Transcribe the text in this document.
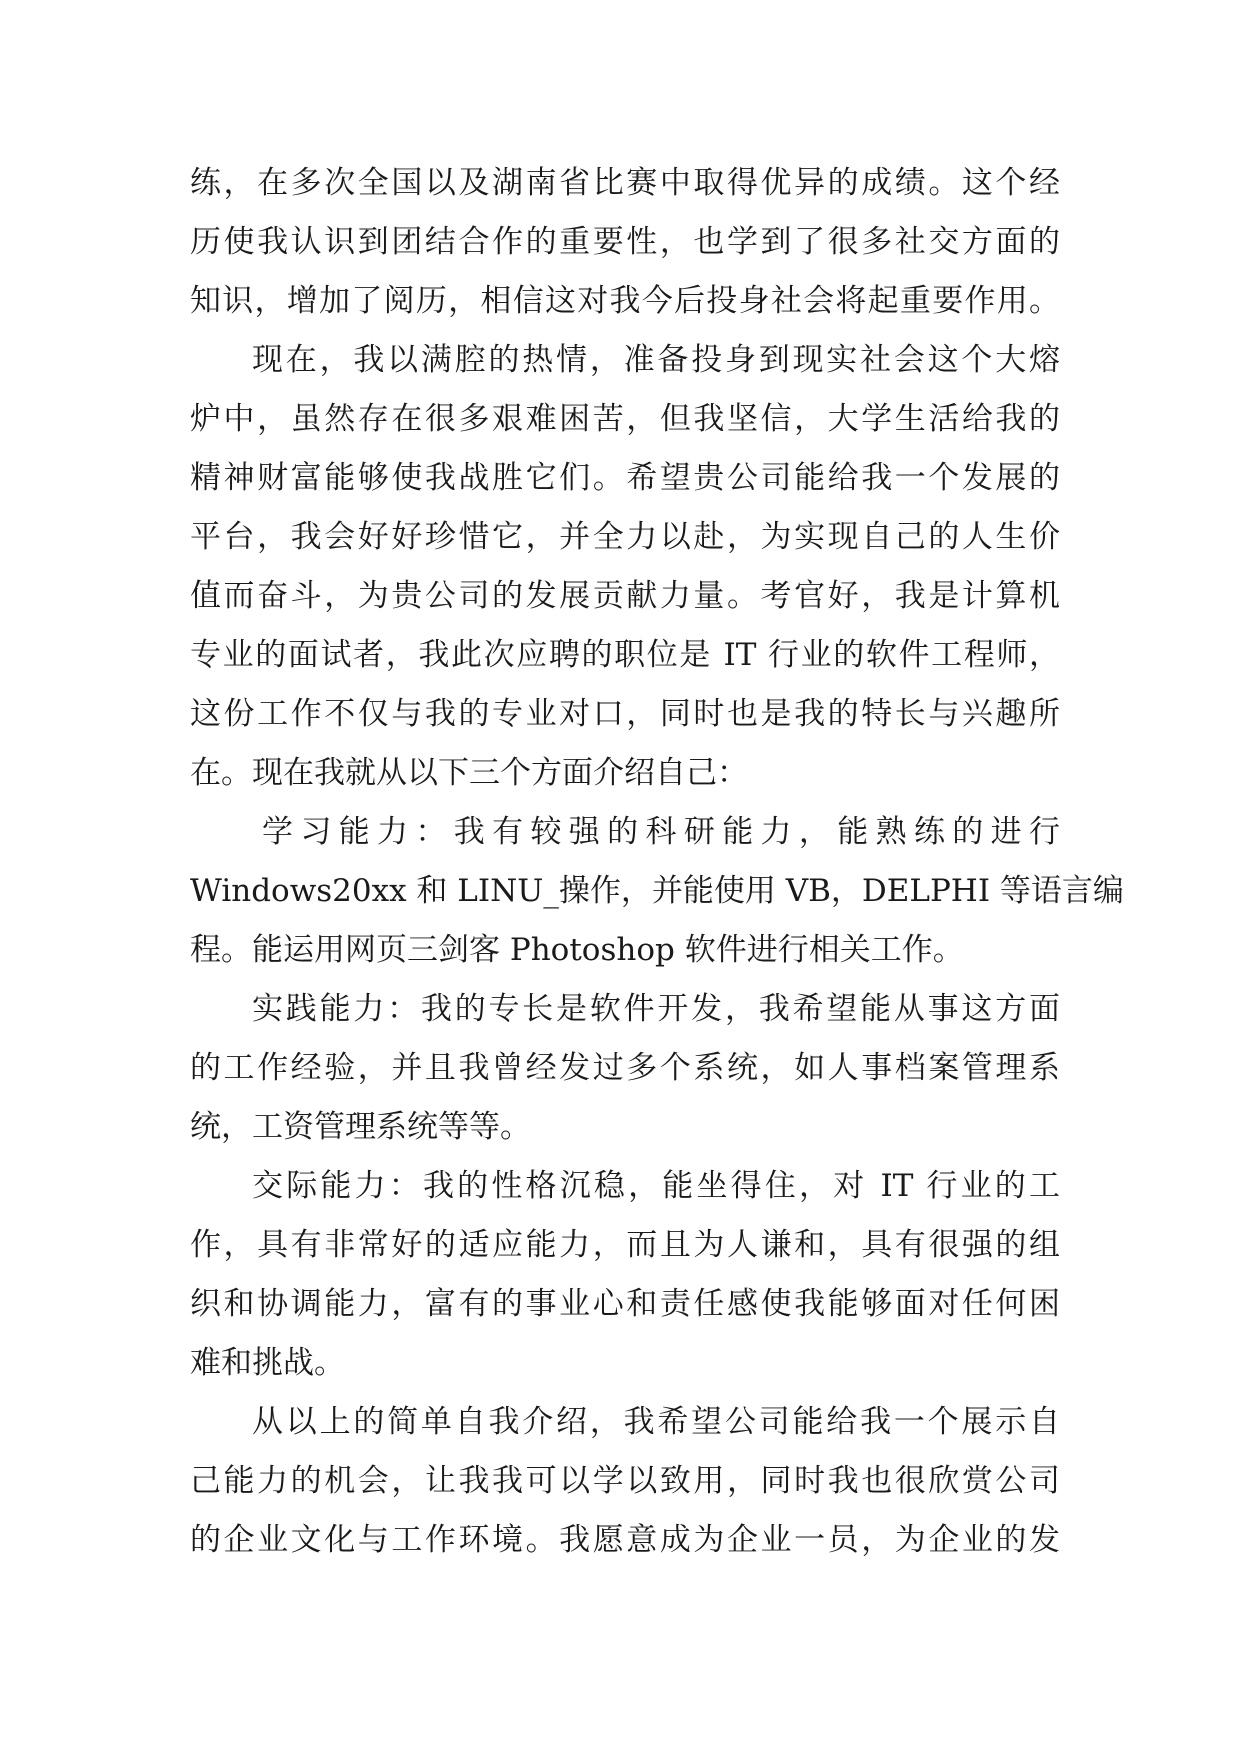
练，在多次全国以及湖南省比赛中取得优异的成绩。这个经
历使我认识到团结合作的重要性，也学到了很多社交方面的
知识，增加了阅历，相信这对我今后投身社会将起重要作用。
现在，我以满腔的热情，准备投身到现实社会这个大熔
炉中，虽然存在很多艰难困苦，但我坚信，大学生活给我的
精神财富能够使我战胜它们。希望贵公司能给我一个发展的
平台，我会好好珍惜它，并全力以赴，为实现自己的人生价
值而奋斗，为贵公司的发展贡献力量。考官好，我是计算机
专业的面试者，我此次应聘的职位是 IT 行业的软件工程师，
这份工作不仅与我的专业对口，同时也是我的特长与兴趣所
在。现在我就从以下三个方面介绍自己：
学习能力：我有较强的科研能力，能熟练的进行
Windows20xx 和 LINU_操作，并能使用 VB，DELPHI 等语言编
程。能运用网页三剑客 Photoshop 软件进行相关工作。
实践能力：我的专长是软件开发，我希望能从事这方面
的工作经验，并且我曾经发过多个系统，如人事档案管理系
统，工资管理系统等等。
交际能力：我的性格沉稳，能坐得住，对 IT 行业的工
作，具有非常好的适应能力，而且为人谦和，具有很强的组
织和协调能力，富有的事业心和责任感使我能够面对任何困
难和挑战。
从以上的简单自我介绍，我希望公司能给我一个展示自
己能力的机会，让我我可以学以致用，同时我也很欣赏公司
的企业文化与工作环境。我愿意成为企业一员，为企业的发
